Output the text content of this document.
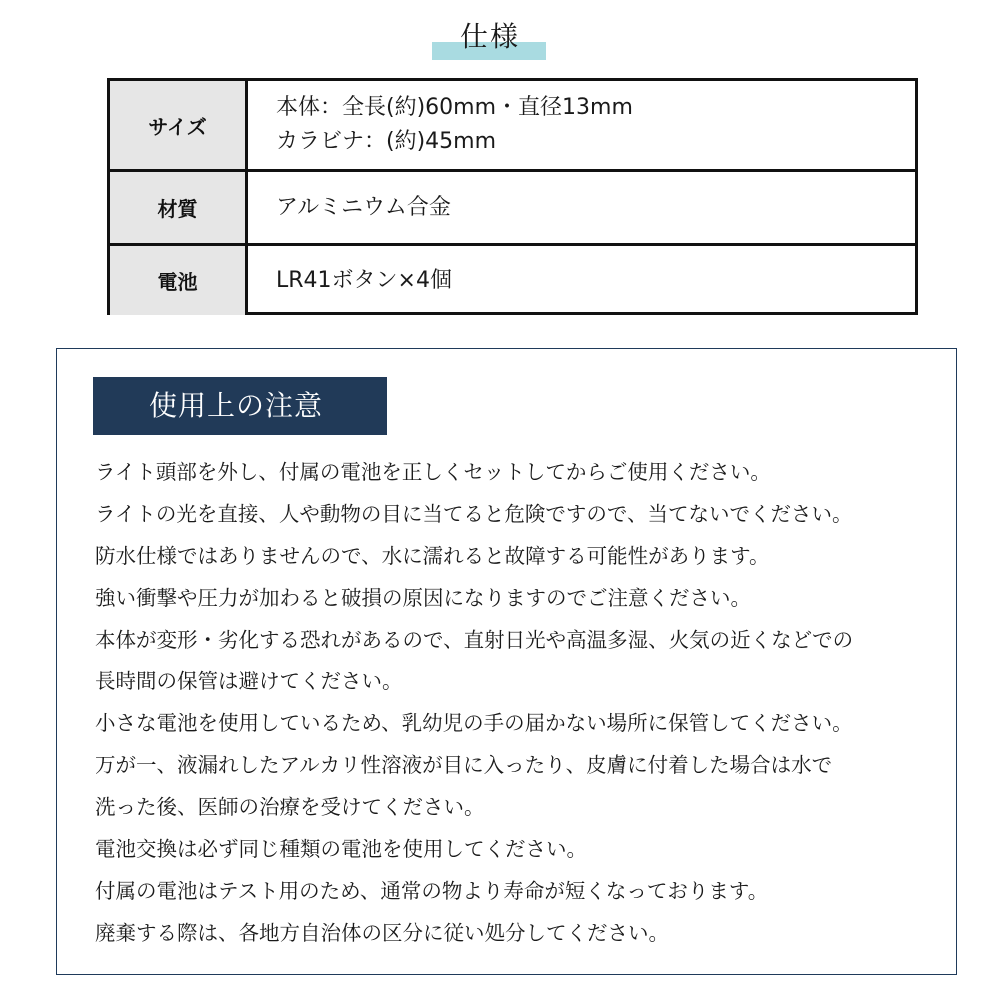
仕様
サイズ
本体：全長(約)60mm・直径13mm
カラビナ：(約)45mm
材質	アルミニウム合金
電池	LR41ボタン×4個
使用上の注意
ライト頭部を外し、付属の電池を正しくセットしてからご使用ください。
ライトの光を直接、人や動物の目に当てると危険ですので、当てないでください。
防水仕様ではありませんので、水に濡れると故障する可能性があります。
強い衝撃や圧力が加わると破損の原因になりますのでご注意ください。
本体が変形・劣化する恐れがあるので、直射日光や高温多湿、火気の近くなどでの
長時間の保管は避けてください。
小さな電池を使用しているため、乳幼児の手の届かない場所に保管してください。
万が一、液漏れしたアルカリ性溶液が目に入ったり、皮膚に付着した場合は水で
洗った後、医師の治療を受けてください。
電池交換は必ず同じ種類の電池を使用してください。
付属の電池はテスト用のため、通常の物より寿命が短くなっております。
廃棄する際は、各地方自治体の区分に従い処分してください。
